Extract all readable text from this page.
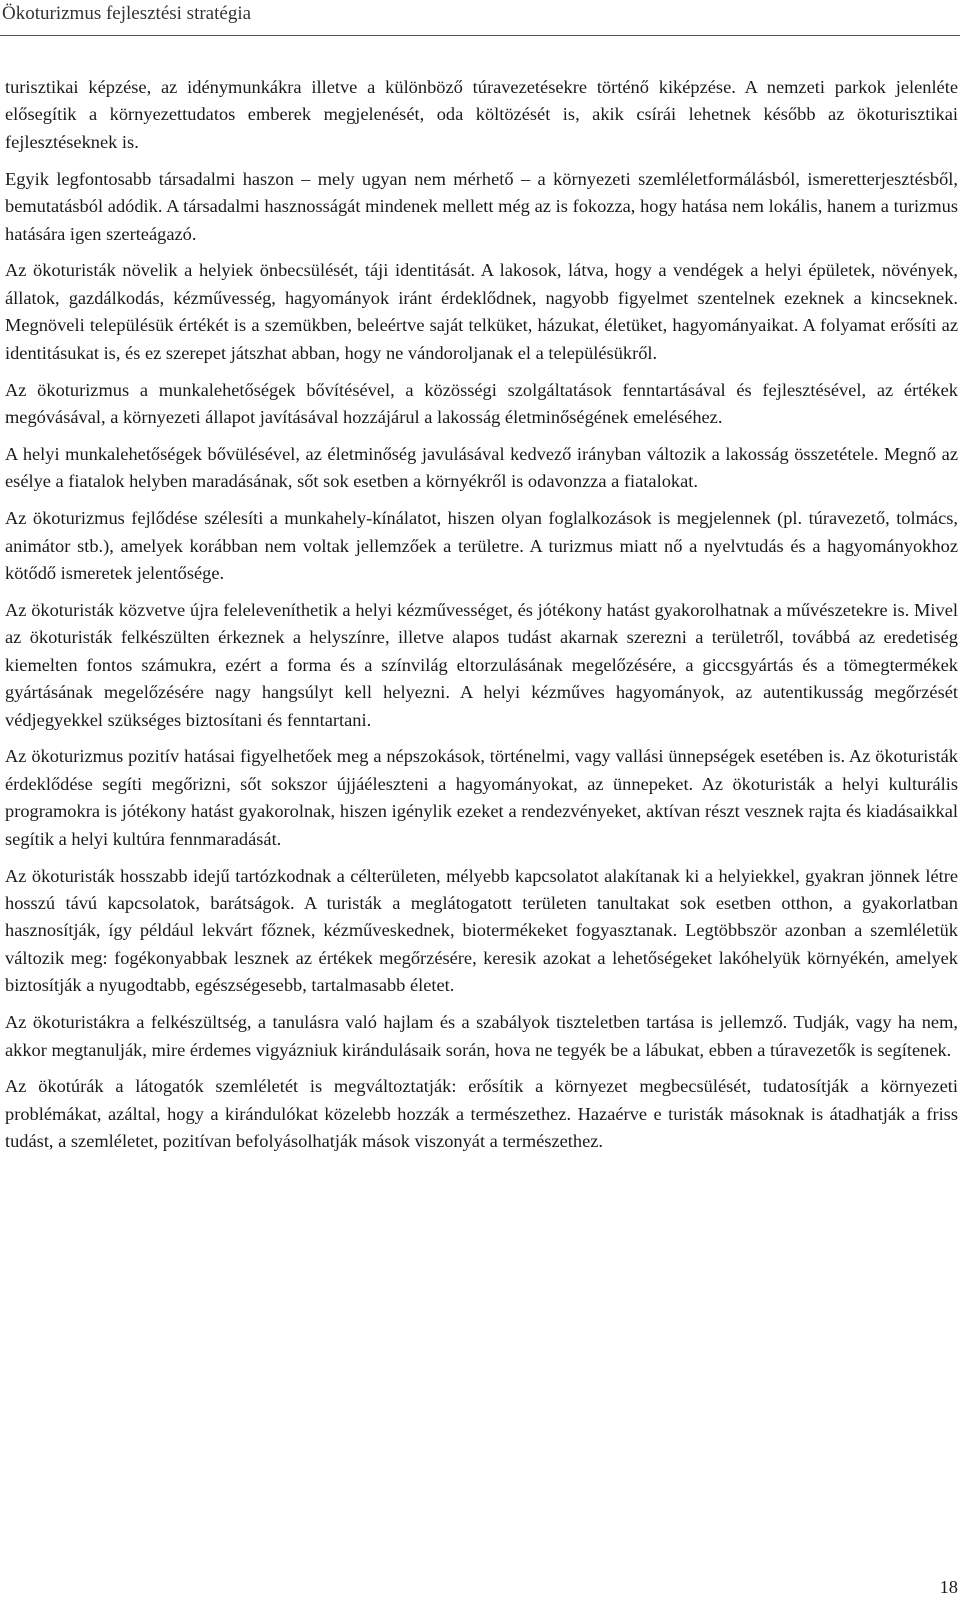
Ökoturizmus fejlesztési stratégia

turisztikai képzése, az idénymunkákra illetve a különböző túravezetésekre történő kiképzése. A nemzeti parkok jelenléte elősegítik a környezettudatos emberek megjelenését, oda költözését is, akik csírái lehetnek később az ökoturisztikai fejlesztéseknek is.

Egyik legfontosabb társadalmi haszon – mely ugyan nem mérhető – a környezeti szemléletformálásból, ismeretterjesztésből, bemutatásból adódik. A társadalmi hasznosságát mindenek mellett még az is fokozza, hogy hatása nem lokális, hanem a turizmus hatására igen szerteágazó.

Az ökoturisták növelik a helyiek önbecsülését, táji identitását. A lakosok, látva, hogy a vendégek a helyi épületek, növények, állatok, gazdálkodás, kézművesség, hagyományok iránt érdeklődnek, nagyobb figyelmet szentelnek ezeknek a kincseknek. Megnöveli településük értékét is a szemükben, beleértve saját telküket, házukat, életüket, hagyományaikat. A folyamat erősíti az identitásukat is, és ez szerepet játszhat abban, hogy ne vándoroljanak el a településükről.

Az ökoturizmus a munkalehetőségek bővítésével, a közösségi szolgáltatások fenntartásával és fejlesztésével, az értékek megóvásával, a környezeti állapot javításával hozzájárul a lakosság életminőségének emeléséhez.

A helyi munkalehetőségek bővülésével, az életminőség javulásával kedvező irányban változik a lakosság összetétele. Megnő az esélye a fiatalok helyben maradásának, sőt sok esetben a környékről is odavonzza a fiatalokat.

Az ökoturizmus fejlődése szélesíti a munkahely-kínálatot, hiszen olyan foglalkozások is megjelennek (pl. túravezető, tolmács, animátor stb.), amelyek korábban nem voltak jellemzőek a területre. A turizmus miatt nő a nyelvtudás és a hagyományokhoz kötődő ismeretek jelentősége.

Az ökoturisták közvetve újra feleleveníthetik a helyi kézművességet, és jótékony hatást gyakorolhatnak a művészetekre is. Mivel az ökoturisták felkészülten érkeznek a helyszínre, illetve alapos tudást akarnak szerezni a területről, továbbá az eredetiség kiemelten fontos számukra, ezért a forma és a színvilág eltorzulásának megelőzésére, a giccsgyártás és a tömegtermékek gyártásának megelőzésére nagy hangsúlyt kell helyezni. A helyi kézműves hagyományok, az autentikusság megőrzését védjegyekkel szükséges biztosítani és fenntartani.

Az ökoturizmus pozitív hatásai figyelhetőek meg a népszokások, történelmi, vagy vallási ünnepségek esetében is. Az ökoturisták érdeklődése segíti megőrizni, sőt sokszor újjáéleszteni a hagyományokat, az ünnepeket. Az ökoturisták a helyi kulturális programokra is jótékony hatást gyakorolnak, hiszen igénylik ezeket a rendezvényeket, aktívan részt vesznek rajta és kiadásaikkal segítik a helyi kultúra fennmaradását.

Az ökoturisták hosszabb idejű tartózkodnak a célterületen, mélyebb kapcsolatot alakítanak ki a helyiekkel, gyakran jönnek létre hosszú távú kapcsolatok, barátságok. A turisták a meglátogatott területen tanultakat sok esetben otthon, a gyakorlatban hasznosítják, így például lekvárt főznek, kézműveskednek, biotermékeket fogyasztanak. Legtöbbször azonban a szemléletük változik meg: fogékonyabbak lesznek az értékek megőrzésére, keresik azokat a lehetőségeket lakóhelyük környékén, amelyek biztosítják a nyugodtabb, egészségesebb, tartalmasabb életet.

Az ökoturistákra a felkészültség, a tanulásra való hajlam és a szabályok tiszteletben tartása is jellemző. Tudják, vagy ha nem, akkor megtanulják, mire érdemes vigyázniuk kirándulásaik során, hova ne tegyék be a lábukat, ebben a túravezetők is segítenek.

Az ökotúrák a látogatók szemléletét is megváltoztatják: erősítik a környezet megbecsülését, tudatosítják a környezeti problémákat, azáltal, hogy a kirándulókat közelebb hozzák a természethez. Hazaérve e turisták másoknak is átadhatják a friss tudást, a szemléletet, pozitívan befolyásolhatják mások viszonyát a természethez.

18
